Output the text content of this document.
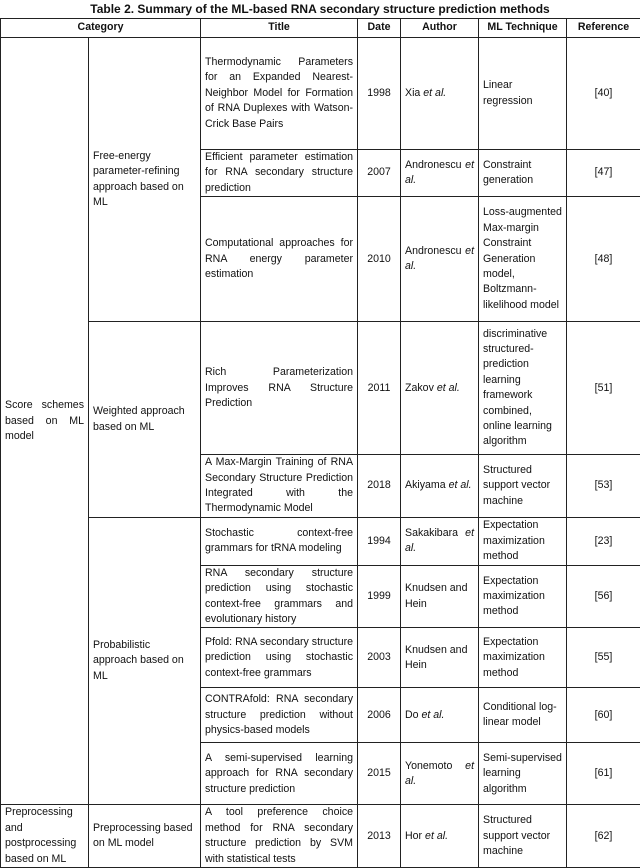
Table 2. Summary of the ML-based RNA secondary structure prediction methods
Category		Title	Date	Author	ML Technique	Reference
Score schemes based on ML model	Free-energy parameter-refining approach based on ML	Thermodynamic Parameters for an Expanded Nearest-Neighbor Model for Formation of RNA Duplexes with Watson-Crick Base Pairs	1998	Xia et al.	Linear regression	[40]
		Efficient parameter estimation for RNA secondary structure prediction	2007	Andronescu et al.	Constraint generation	[47]
		Computational approaches for RNA energy parameter estimation	2010	Andronescu et al.	Loss-augmented Max-margin Constraint Generation model, Boltzmann-likelihood model	[48]
	Weighted approach based on ML	Rich Parameterization Improves RNA Structure Prediction	2011	Zakov et al.	discriminative structured-prediction learning framework combined, online learning algorithm	[51]
		A Max-Margin Training of RNA Secondary Structure Prediction Integrated with the Thermodynamic Model	2018	Akiyama et al.	Structured support vector machine	[53]
	Probabilistic approach based on ML	Stochastic context-free grammars for tRNA modeling	1994	Sakakibara et al.	Expectation maximization method	[23]
		RNA secondary structure prediction using stochastic context-free grammars and evolutionary history	1999	Knudsen and Hein	Expectation maximization method	[56]
		Pfold: RNA secondary structure prediction using stochastic context-free grammars	2003	Knudsen and Hein	Expectation maximization method	[55]
		CONTRAfold: RNA secondary structure prediction without physics-based models	2006	Do et al.	Conditional log-linear model	[60]
		A semi-supervised learning approach for RNA secondary structure prediction	2015	Yonemoto et al.	Semi-supervised learning algorithm	[61]
Preprocessing and postprocessing based on ML	Preprocessing based on ML model	A tool preference choice method for RNA secondary structure prediction by SVM with statistical tests	2013	Hor et al.	Structured support vector machine	[62]
